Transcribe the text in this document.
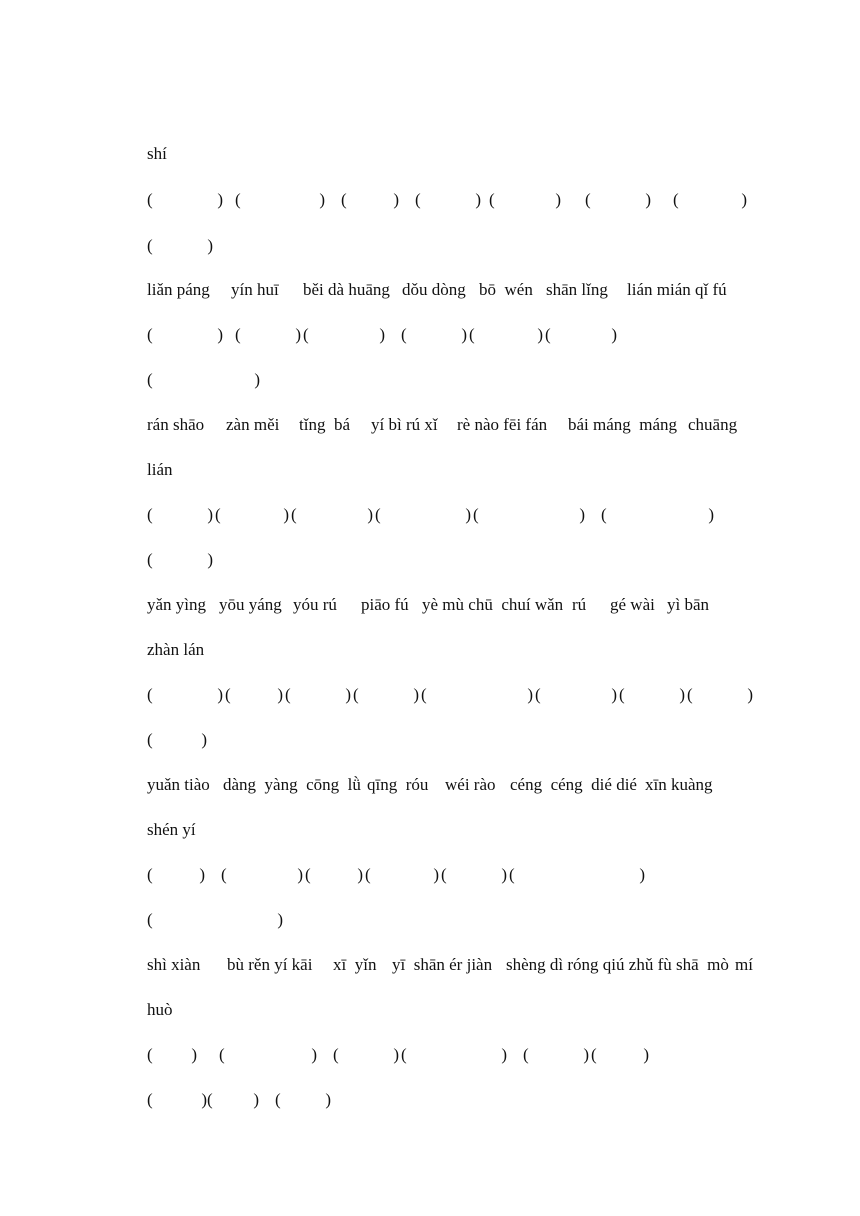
shí

(	) (	) (	) (	) (	) (	) (	)

(	)

liǎn páng yín huī běi dà huāng dǒu dòng bō  wén shān lǐng lián mián qǐ fú

(	) (	) (	) (	) (	) (	)

(	)

rán shāo zàn měi tǐng  bá yí bì rú xǐ rè nào fēi fán bái máng  máng chuāng

lián

(	) (	) (	) (	) (	) (	)

(	)

yǎn yìng yōu yáng yóu rú piāo fú yè mù chū  chuí wǎn rú gé wài yì bān

zhàn lán

(	) (	) (	) (	) (	) (	) (	) (	)

(	)

yuǎn tiào dàng  yàng  cōng  lǜ qīng  róu wéi rào céng  céng  dié dié xīn kuàng

shén yí

(	) (	) (	) (	) (	) (	)

(	)

shì xiàn bù rěn yí kāi xī  yǐn yī  shān ér jiàn shèng dì róng qiú zhǔ fù shā  mò mí

huò

( ) (	) (	) (	) (	) (	)

(	) ( ) (	)
